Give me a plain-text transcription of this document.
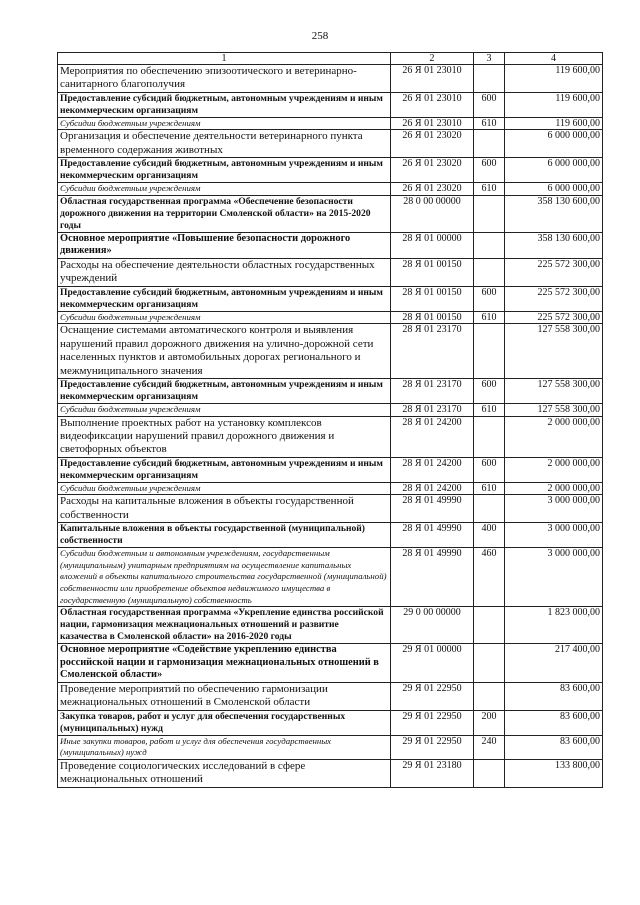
258
1	2	3	4
Мероприятия по обеспечению эпизоотического и ветеринарно-санитарного благополучия	26 Я 01 23010		119 600,00
Предоставление субсидий бюджетным, автономным учреждениям и иным некоммерческим организациям	26 Я 01 23010	600	119 600,00
Субсидии бюджетным учреждениям	26 Я 01 23010	610	119 600,00
Организация и обеспечение деятельности ветеринарного пункта временного содержания животных	26 Я 01 23020		6 000 000,00
Предоставление субсидий бюджетным, автономным учреждениям и иным некоммерческим организациям	26 Я 01 23020	600	6 000 000,00
Субсидии бюджетным учреждениям	26 Я 01 23020	610	6 000 000,00
Областная государственная программа «Обеспечение безопасности дорожного движения на территории Смоленской области» на 2015-2020 годы	28 0 00 00000		358 130 600,00
Основное мероприятие «Повышение безопасности дорожного движения»	28 Я 01 00000		358 130 600,00
Расходы на обеспечение деятельности областных государственных учреждений	28 Я 01 00150		225 572 300,00
Предоставление субсидий бюджетным, автономным учреждениям и иным некоммерческим организациям	28 Я 01 00150	600	225 572 300,00
Субсидии бюджетным учреждениям	28 Я 01 00150	610	225 572 300,00
Оснащение системами автоматического контроля и выявления нарушений правил дорожного движения на улично-дорожной сети населенных пунктов и автомобильных дорогах регионального и межмуниципального значения	28 Я 01 23170		127 558 300,00
Предоставление субсидий бюджетным, автономным учреждениям и иным некоммерческим организациям	28 Я 01 23170	600	127 558 300,00
Субсидии бюджетным учреждениям	28 Я 01 23170	610	127 558 300,00
Выполнение проектных работ на установку комплексов видеофиксации нарушений правил дорожного движения и светофорных объектов	28 Я 01 24200		2 000 000,00
Предоставление субсидий бюджетным, автономным учреждениям и иным некоммерческим организациям	28 Я 01 24200	600	2 000 000,00
Субсидии бюджетным учреждениям	28 Я 01 24200	610	2 000 000,00
Расходы на капитальные вложения в объекты государственной собственности	28 Я 01 49990		3 000 000,00
Капитальные вложения в объекты государственной (муниципальной) собственности	28 Я 01 49990	400	3 000 000,00
Субсидии бюджетным и автономным учреждениям, государственным (муниципальным) унитарным предприятиям на осуществление капитальных вложений в объекты капитального строительства государственной (муниципальной) собственности или приобретение объектов недвижимого имущества в государственную (муниципальную) собственность	28 Я 01 49990	460	3 000 000,00
Областная государственная программа «Укрепление единства российской нации, гармонизация межнациональных отношений и развитие казачества в Смоленской области» на 2016-2020 годы	29 0 00 00000		1 823 000,00
Основное мероприятие «Содействие укреплению единства российской нации и гармонизация межнациональных отношений в Смоленской области»	29 Я 01 00000		217 400,00
Проведение мероприятий по обеспечению гармонизации межнациональных отношений в Смоленской области	29 Я 01 22950		83 600,00
Закупка товаров, работ и услуг для обеспечения государственных (муниципальных) нужд	29 Я 01 22950	200	83 600,00
Иные закупки товаров, работ и услуг для обеспечения государственных (муниципальных) нужд	29 Я 01 22950	240	83 600,00
Проведение социологических исследований в сфере межнациональных отношений	29 Я 01 23180		133 800,00
